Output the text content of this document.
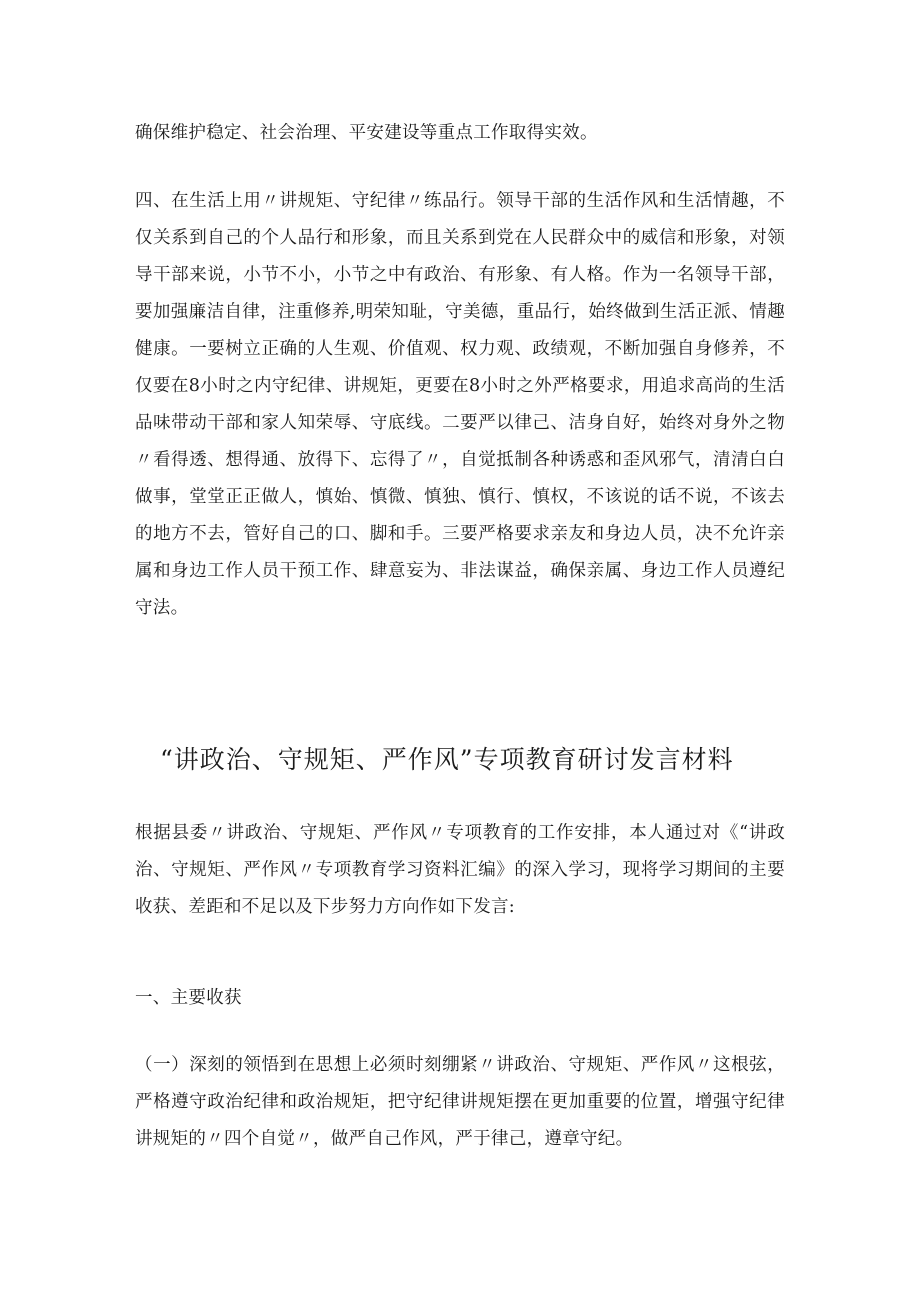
确保维护稳定、社会治理、平安建设等重点工作取得实效。

四、在生活上用〃讲规矩、守纪律〃练品行。领导干部的生活作风和生活情趣，不仅关系到自己的个人品行和形象，而且关系到党在人民群众中的威信和形象，对领导干部来说，小节不小，小节之中有政治、有形象、有人格。作为一名领导干部，要加强廉洁自律，注重修养,明荣知耻，守美德，重品行，始终做到生活正派、情趣健康。一要树立正确的人生观、价值观、权力观、政绩观，不断加强自身修养，不仅要在8小时之内守纪律、讲规矩，更要在8小时之外严格要求，用追求高尚的生活品味带动干部和家人知荣辱、守底线。二要严以律己、洁身自好，始终对身外之物〃看得透、想得通、放得下、忘得了〃，自觉抵制各种诱惑和歪风邪气，清清白白做事，堂堂正正做人，慎始、慎微、慎独、慎行、慎权，不该说的话不说，不该去的地方不去，管好自己的口、脚和手。三要严格要求亲友和身边人员，决不允许亲属和身边工作人员干预工作、肆意妄为、非法谋益，确保亲属、身边工作人员遵纪守法。

“讲政治、守规矩、严作风”专项教育研讨发言材料

根据县委〃讲政治、守规矩、严作风〃专项教育的工作安排，本人通过对《“讲政治、守规矩、严作风〃专项教育学习资料汇编》的深入学习，现将学习期间的主要收获、差距和不足以及下步努力方向作如下发言:

一、主要收获

（一）深刻的领悟到在思想上必须时刻绷紧〃讲政治、守规矩、严作风〃这根弦，严格遵守政治纪律和政治规矩，把守纪律讲规矩摆在更加重要的位置，增强守纪律讲规矩的〃四个自觉〃，做严自己作风，严于律己，遵章守纪。
